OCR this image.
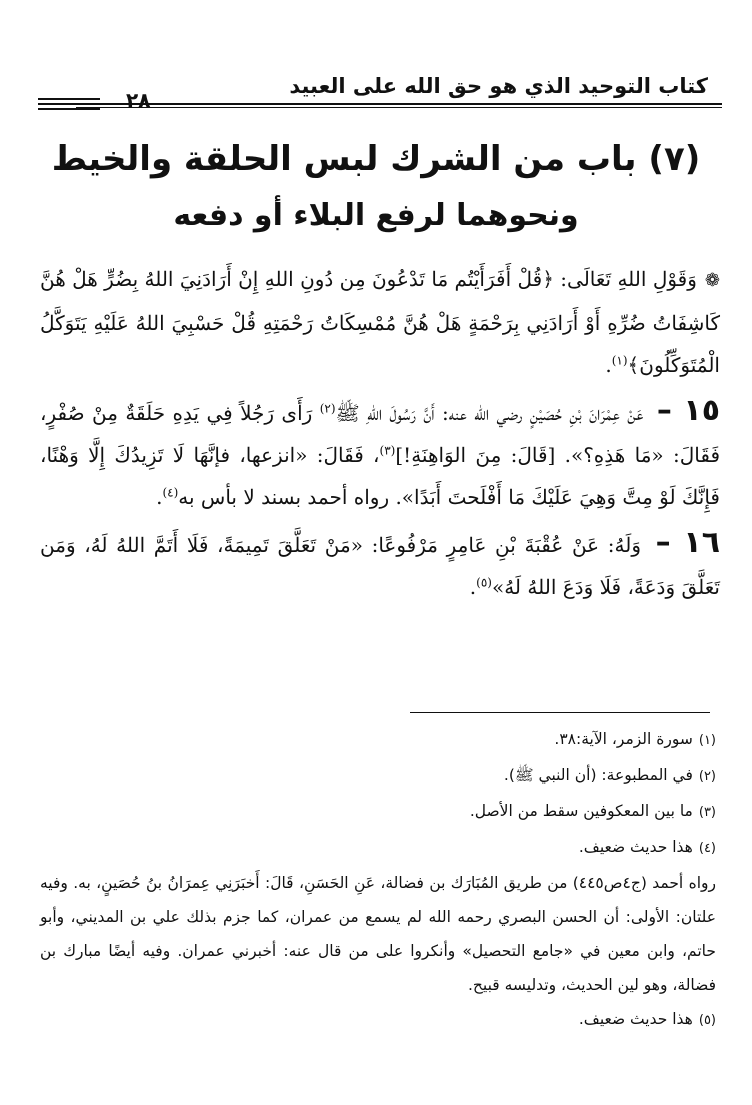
كتاب التوحيد الذي هو حق الله على العبيد
٢٨
(٧) باب من الشرك لبس الحلقة والخيط
ونحوهما لرفع البلاء أو دفعه

❁وَقَوْلِ اللهِ تَعَالَى: ﴿قُلْ أَفَرَأَيْتُم مَا تَدْعُونَ مِن دُونِ اللهِ إِنْ أَرَادَنِيَ اللهُ بِضُرٍّ هَلْ هُنَّ كَاشِفَاتُ ضُرِّهِ أَوْ أَرَادَنِي بِرَحْمَةٍ هَلْ هُنَّ مُمْسِكَاتُ رَحْمَتِهِ قُلْ حَسْبِيَ اللهُ عَلَيْهِ يَتَوَكَّلُ الْمُتَوَكِّلُونَ﴾$^{(١)}$.

١٥ – عَنْ عِمْرَانَ بْنِ حُصَيْنٍ رضي الله عنه: أَنَّ رَسُولَ اللهِ ﷺ$^{(٢)}$ رَأَى رَجُلاً فِي يَدِهِ حَلَقَةٌ مِنْ صُفْرٍ، فَقَالَ: «مَا هَذِهِ؟». [قَالَ: مِنَ الوَاهِنَةِ!]$^{(٣)}$، فَقَالَ: «انزعها، فإنَّهَا لَا تَزِيدُكَ إِلَّا وَهْنًا، فَإِنَّكَ لَوْ مِتَّ وَهِيَ عَلَيْكَ مَا أَفْلَحتَ أَبَدًا». رواه أحمد بسند لا بأس به$^{(٤)}$.

١٦ – وَلَهُ: عَنْ عُقْبَةَ بْنِ عَامِرٍ مَرْفُوعًا: «مَنْ تَعَلَّقَ تَمِيمَةً، فَلَا أَتَمَّ اللهُ لَهُ، وَمَن تَعَلَّقَ وَدَعَةً، فَلَا وَدَعَ اللهُ لَهُ»$^{(٥)}$.

(١)سورة الزمر، الآية:٣٨.

(٢)في المطبوعة: (أن النبي ﷺ).

(٣)ما بين المعكوفين سقط من الأصل.

(٤)هذا حديث ضعيف.

رواه أحمد (ج٤ص٤٤٥) من طريق المُبَارَك بن فضالة، عَنِ الحَسَنِ، قَالَ: أَخبَرَنِي عِمرَانُ بنُ حُصَينٍ، به. وفيه علتان: الأولى: أن الحسن البصري رحمه الله لم يسمع من عمران، كما جزم بذلك علي بن المديني، وأبو حاتم، وابن معين في «جامع التحصيل» وأنكروا على من قال عنه: أخبرني عمران. وفيه أيضًا مبارك بن فضالة، وهو لين الحديث، وتدليسه قبيح.

(٥)هذا حديث ضعيف.
